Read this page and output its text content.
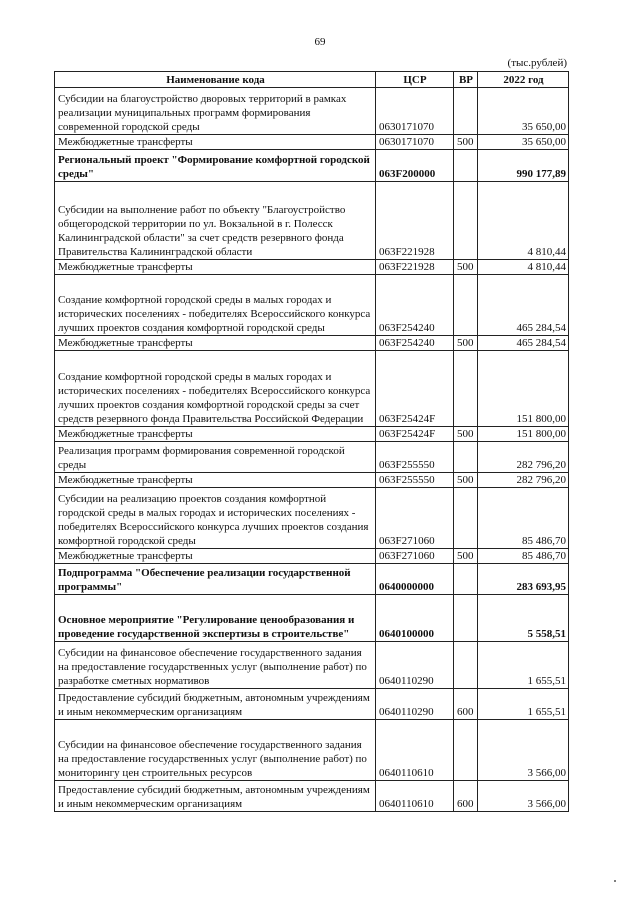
69
(тыс.рублей)
Наименование кода	ЦСР	ВР	2022 год
Субсидии на благоустройство дворовых территорий в рамках реализации муниципальных программ формирования современной городской среды	0630171070		35 650,00
Межбюджетные трансферты	0630171070	500	35 650,00
Региональный проект "Формирование комфортной городской среды"	063F200000		990 177,89
Субсидии на выполнение работ по объекту "Благоустройство общегородской территории по ул. Вокзальной в г. Полесск Калининградской области" за счет средств резервного фонда Правительства Калининградской области	063F221928		4 810,44
Межбюджетные трансферты	063F221928	500	4 810,44
Создание комфортной городской среды в малых городах и исторических поселениях - победителях Всероссийского конкурса лучших проектов создания комфортной городской среды	063F254240		465 284,54
Межбюджетные трансферты	063F254240	500	465 284,54
Создание комфортной городской среды в малых городах и исторических поселениях - победителях Всероссийского конкурса лучших проектов создания комфортной городской среды за счет средств резервного фонда Правительства Российской Федерации	063F25424F		151 800,00
Межбюджетные трансферты	063F25424F	500	151 800,00
Реализация программ формирования современной городской среды	063F255550		282 796,20
Межбюджетные трансферты	063F255550	500	282 796,20
Субсидии на реализацию проектов создания комфортной городской среды в малых городах и исторических поселениях - победителях Всероссийского конкурса лучших проектов создания комфортной городской среды	063F271060		85 486,70
Межбюджетные трансферты	063F271060	500	85 486,70
Подпрограмма "Обеспечение реализации государственной программы"	0640000000		283 693,95
Основное мероприятие "Регулирование ценообразования и проведение государственной экспертизы в строительстве"	0640100000		5 558,51
Субсидии на финансовое обеспечение государственного задания на предоставление государственных услуг (выполнение работ) по разработке сметных нормативов	0640110290		1 655,51
Предоставление субсидий бюджетным, автономным учреждениям и иным некоммерческим организациям	0640110290	600	1 655,51
Субсидии на финансовое обеспечение государственного задания на предоставление государственных услуг (выполнение работ) по мониторингу цен строительных ресурсов	0640110610		3 566,00
Предоставление субсидий бюджетным, автономным учреждениям и иным некоммерческим организациям	0640110610	600	3 566,00
